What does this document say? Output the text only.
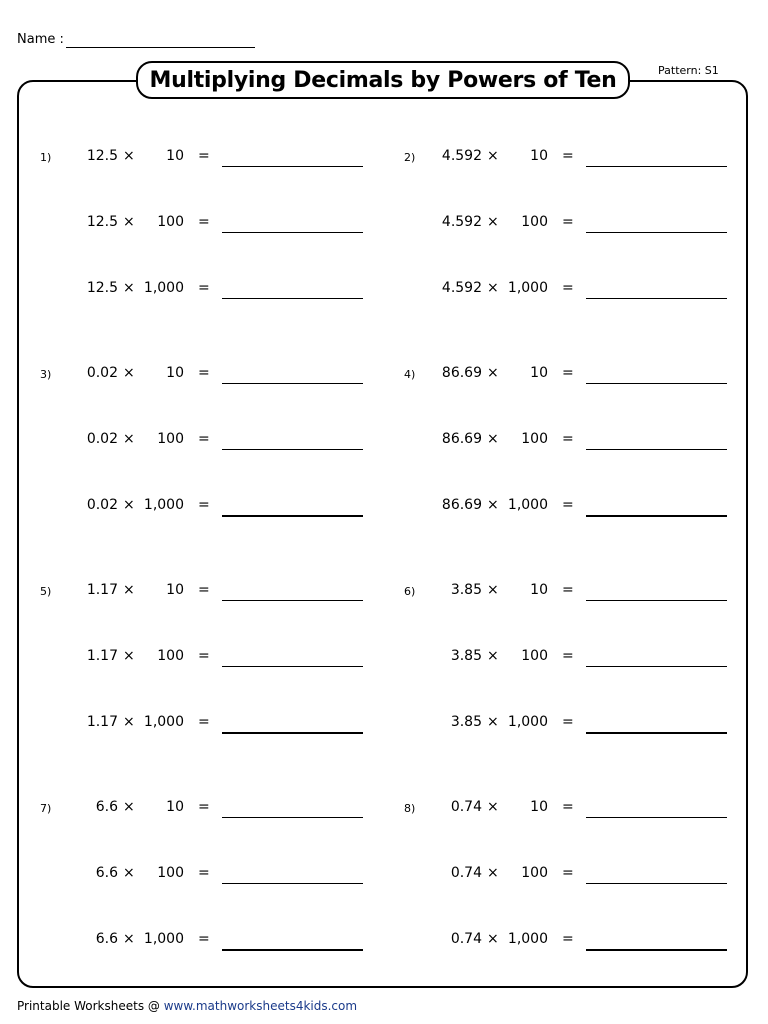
Name :
Multiplying Decimals by Powers of Ten	Pattern: S1
1)	12.5 ×	10 =
12.5 ×	100 =
12.5 × 1,000 =
2)	4.592 ×	10 =
4.592 ×	100 =
4.592 × 1,000 =
3)	0.02 ×	10 =
0.02 ×	100 =
0.02 × 1,000 =
4)	86.69 ×	10 =
86.69 ×	100 =
86.69 × 1,000 =
5)	1.17 ×	10 =
1.17 ×	100 =
1.17 × 1,000 =
6)	3.85 ×	10 =
3.85 ×	100 =
3.85 × 1,000 =
7)	6.6 ×	10 =
6.6 ×	100 =
6.6 × 1,000 =
8)	0.74 ×	10 =
0.74 ×	100 =
0.74 × 1,000 =
Printable Worksheets @ www.mathworksheets4kids.com
